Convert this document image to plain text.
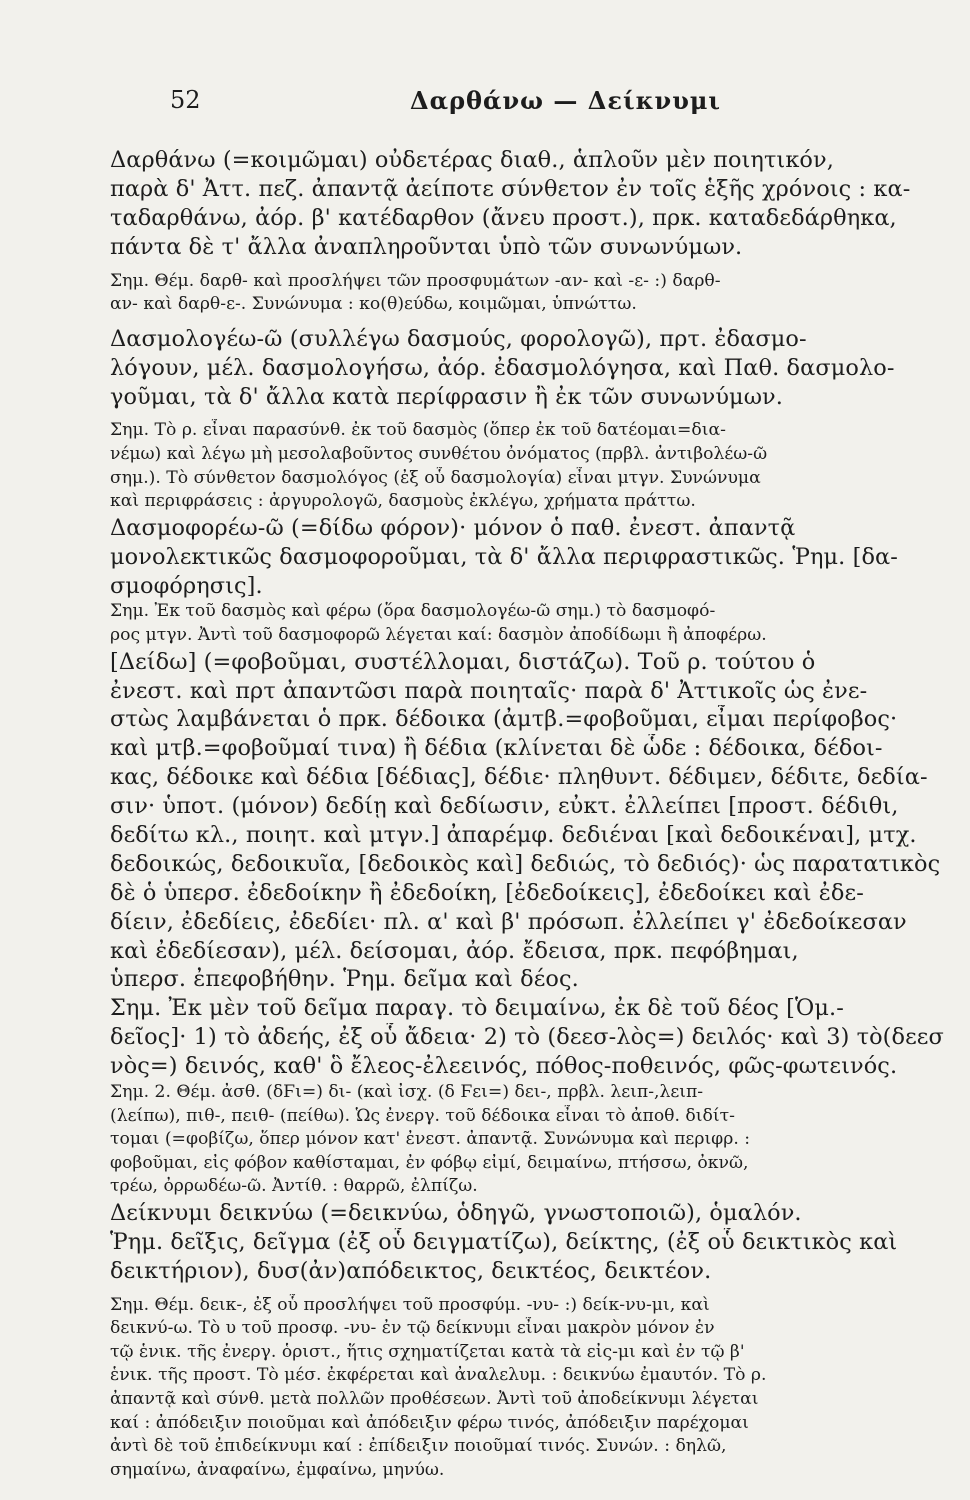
52	Δαρθάνω — Δείκνυμι
Δαρθάνω (=κοιμῶμαι) οὐδετέρας διαθ., ἁπλοῦν μὲν ποιητικόν,
παρὰ δ' Ἀττ. πεζ. ἀπαντᾷ ἀείποτε σύνθετον ἐν τοῖς ἑξῆς χρόνοις : κα-
ταδαρθάνω, ἀόρ. β' κατέδαρθον (ἄνευ προστ.), πρκ. καταδεδάρθηκα,
πάντα δὲ τ' ἄλλα ἀναπληροῦνται ὑπὸ τῶν συνωνύμων.
Σημ. Θέμ. δαρθ- καὶ προσλήψει τῶν προσφυμάτων -αν- καὶ -ε- :) δαρθ-
αν- καὶ δαρθ-ε-. Συνώνυμα : κο(θ)εύδω, κοιμῶμαι, ὑπνώττω.
Δασμολογέω-ῶ (συλλέγω δασμούς, φορολογῶ), πρτ. ἐδασμο-
λόγουν, μέλ. δασμολογήσω, ἀόρ. ἐδασμολόγησα, καὶ Παθ. δασμολο-
γοῦμαι, τὰ δ' ἄλλα κατὰ περίφρασιν ἢ ἐκ τῶν συνωνύμων.
Σημ. Τὸ ρ. εἶναι παρασύνθ. ἐκ τοῦ δασμὸς (ὅπερ ἐκ τοῦ δατέομαι=δια-
νέμω) καὶ λέγω μὴ μεσολαβοῦντος συνθέτου ὀνόματος (πρβλ. ἀντιβολέω-ῶ
σημ.). Τὸ σύνθετον δασμολόγος (ἐξ οὗ δασμολογία) εἶναι μτγν. Συνώνυμα
καὶ περιφράσεις : ἀργυρολογῶ, δασμοὺς ἐκλέγω, χρήματα πράττω.
Δασμοφορέω-ῶ (=δίδω φόρον)· μόνον ὁ παθ. ἐνεστ. ἀπαντᾷ
μονολεκτικῶς δασμοφοροῦμαι, τὰ δ' ἄλλα περιφραστικῶς. Ῥημ. [δα-
σμοφόρησις].
Σημ. Ἐκ τοῦ δασμὸς καὶ φέρω (ὅρα δασμολογέω-ῶ σημ.) τὸ δασμοφό-
ρος μτγν. Ἀντὶ τοῦ δασμοφορῶ λέγεται καί: δασμὸν ἀποδίδωμι ἢ ἀποφέρω.
[Δείδω] (=φοβοῦμαι, συστέλλομαι, διστάζω). Τοῦ ρ. τούτου ὁ
ἐνεστ. καὶ πρτ ἀπαντῶσι παρὰ ποιηταῖς· παρὰ δ' Ἀττικοῖς ὡς ἐνε-
στὼς λαμβάνεται ὁ πρκ. δέδοικα (ἀμτβ.=φοβοῦμαι, εἶμαι περίφοβος·
καὶ μτβ.=φοβοῦμαί τινα) ἢ δέδια (κλίνεται δὲ ὧδε : δέδοικα, δέδοι-
κας, δέδοικε καὶ δέδια [δέδιας], δέδιε· πληθυντ. δέδιμεν, δέδιτε, δεδία-
σιν· ὑποτ. (μόνον) δεδίῃ καὶ δεδίωσιν, εὐκτ. ἐλλείπει [προστ. δέδιθι,
δεδίτω κλ., ποιητ. καὶ μτγν.] ἀπαρέμφ. δεδιέναι [καὶ δεδοικέναι], μτχ.
δεδοικώς, δεδοικυῖα, [δεδοικὸς καὶ] δεδιώς, τὸ δεδιός)· ὡς παρατατικὸς
δὲ ὁ ὑπερσ. ἐδεδοίκην ἢ ἐδεδοίκη, [ἐδεδοίκεις], ἐδεδοίκει καὶ ἐδε-
δίειν, ἐδεδίεις, ἐδεδίει· πλ. α' καὶ β' πρόσωπ. ἐλλείπει γ' ἐδεδοίκεσαν
καὶ ἐδεδίεσαν), μέλ. δείσομαι, ἀόρ. ἔδεισα, πρκ. πεφόβημαι,
ὑπερσ. ἐπεφοβήθην. Ῥημ. δεῖμα καὶ δέος.
Σημ. Ἐκ μὲν τοῦ δεῖμα παραγ. τὸ δειμαίνω, ἐκ δὲ τοῦ δέος [Ὁμ.-
δεῖος]· 1) τὸ ἀδεής, ἐξ οὗ ἄδεια· 2) τὸ (δεεσ-λὸς=) δειλός· καὶ 3) τὸ(δεεσ
νὸς=) δεινός, καθ' ὃ ἔλεος-ἐλεεινός, πόθος-ποθεινός, φῶς-φωτεινός.
Σημ. 2. Θέμ. ἀσθ. (δϜι=) δι- (καὶ ἰσχ. (δ Ϝει=) δει-, πρβλ. λειπ-,λειπ-
(λείπω), πιθ-, πειθ- (πείθω). Ὡς ἐνεργ. τοῦ δέδοικα εἶναι τὸ ἀποθ. διδίτ-
τομαι (=φοβίζω, ὅπερ μόνον κατ' ἐνεστ. ἀπαντᾷ. Συνώνυμα καὶ περιφρ. :
φοβοῦμαι, εἰς φόβον καθίσταμαι, ἐν φόβῳ εἰμί, δειμαίνω, πτήσσω, ὀκνῶ,
τρέω, ὀρρωδέω-ῶ. Ἀντίθ. : θαρρῶ, ἐλπίζω.
Δείκνυμι δεικνύω (=δεικνύω, ὁδηγῶ, γνωστοποιῶ), ὁμαλόν.
Ῥημ. δεῖξις, δεῖγμα (ἐξ οὗ δειγματίζω), δείκτης, (ἐξ οὗ δεικτικὸς καὶ
δεικτήριον), δυσ(ἀν)απόδεικτος, δεικτέος, δεικτέον.
Σημ. Θέμ. δεικ-, ἐξ οὗ προσλήψει τοῦ προσφύμ. -νυ- :) δείκ-νυ-μι, καὶ
δεικνύ-ω. Τὸ υ τοῦ προσφ. -νυ- ἐν τῷ δείκνυμι εἶναι μακρὸν μόνον ἐν
τῷ ἑνικ. τῆς ἐνεργ. ὁριστ., ἥτις σχηματίζεται κατὰ τὰ εἰς-μι καὶ ἐν τῷ β'
ἑνικ. τῆς προστ. Τὸ μέσ. ἐκφέρεται καὶ ἀναλελυμ. : δεικνύω ἐμαυτόν. Τὸ ρ.
ἀπαντᾷ καὶ σύνθ. μετὰ πολλῶν προθέσεων. Ἀντὶ τοῦ ἀποδείκνυμι λέγεται
καί : ἀπόδειξιν ποιοῦμαι καὶ ἀπόδειξιν φέρω τινός, ἀπόδειξιν παρέχομαι
ἀντὶ δὲ τοῦ ἐπιδείκνυμι καί : ἐπίδειξιν ποιοῦμαί τινός. Συνών. : δηλῶ,
σημαίνω, ἀναφαίνω, ἐμφαίνω, μηνύω.
